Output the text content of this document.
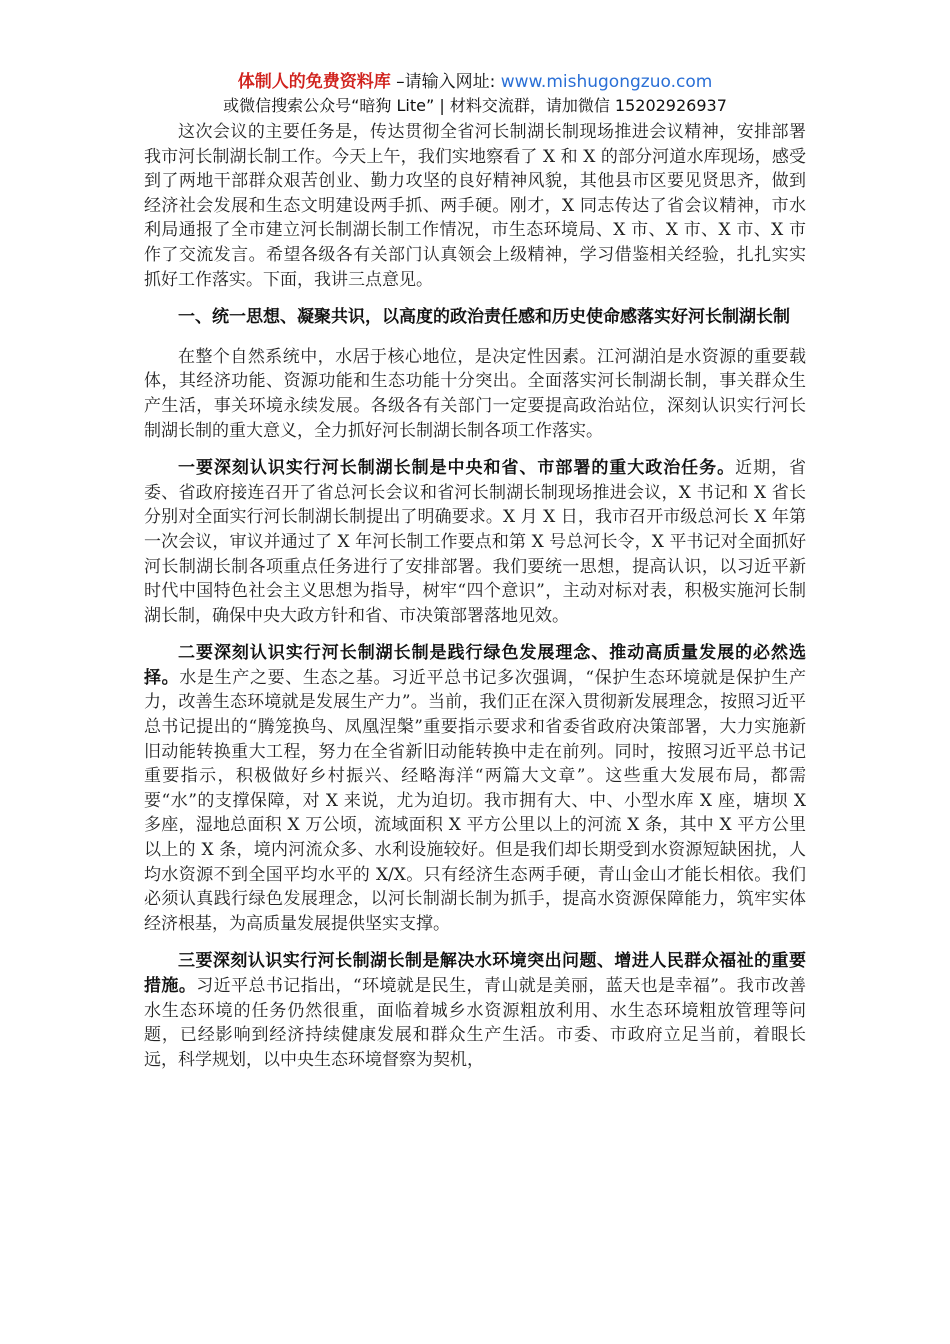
体制人的免费资料库 –请输入网址: www.mishugongzuo.com
或微信搜索公众号“暗狗 Lite” | 材料交流群，请加微信 15202926937

这次会议的主要任务是，传达贯彻全省河长制湖长制现场推进会议精神，安排部署我市河长制湖长制工作。今天上午，我们实地察看了 X 和 X 的部分河道水库现场，感受到了两地干部群众艰苦创业、勤力攻坚的良好精神风貌，其他县市区要见贤思齐，做到经济社会发展和生态文明建设两手抓、两手硬。刚才，X 同志传达了省会议精神，市水利局通报了全市建立河长制湖长制工作情况，市生态环境局、X 市、X 市、X 市、X 市作了交流发言。希望各级各有关部门认真领会上级精神，学习借鉴相关经验，扎扎实实抓好工作落实。下面，我讲三点意见。

一、统一思想、凝聚共识，以高度的政治责任感和历史使命感落实好河长制湖长制

在整个自然系统中，水居于核心地位，是决定性因素。江河湖泊是水资源的重要载体，其经济功能、资源功能和生态功能十分突出。全面落实河长制湖长制，事关群众生产生活，事关环境永续发展。各级各有关部门一定要提高政治站位，深刻认识实行河长制湖长制的重大意义，全力抓好河长制湖长制各项工作落实。

一要深刻认识实行河长制湖长制是中央和省、市部署的重大政治任务。近期，省委、省政府接连召开了省总河长会议和省河长制湖长制现场推进会议，X 书记和 X 省长分别对全面实行河长制湖长制提出了明确要求。X 月 X 日，我市召开市级总河长 X 年第一次会议，审议并通过了 X 年河长制工作要点和第 X 号总河长令，X 平书记对全面抓好河长制湖长制各项重点任务进行了安排部署。我们要统一思想，提高认识，以习近平新时代中国特色社会主义思想为指导，树牢“四个意识”，主动对标对表，积极实施河长制湖长制，确保中央大政方针和省、市决策部署落地见效。

二要深刻认识实行河长制湖长制是践行绿色发展理念、推动高质量发展的必然选择。水是生产之要、生态之基。习近平总书记多次强调，“保护生态环境就是保护生产力，改善生态环境就是发展生产力”。当前，我们正在深入贯彻新发展理念，按照习近平总书记提出的“腾笼换鸟、凤凰涅槃”重要指示要求和省委省政府决策部署，大力实施新旧动能转换重大工程，努力在全省新旧动能转换中走在前列。同时，按照习近平总书记重要指示，积极做好乡村振兴、经略海洋“两篇大文章”。这些重大发展布局，都需要“水”的支撑保障，对 X 来说，尤为迫切。我市拥有大、中、小型水库 X 座，塘坝 X 多座，湿地总面积 X 万公顷，流域面积 X 平方公里以上的河流 X 条，其中 X 平方公里以上的 X 条，境内河流众多、水利设施较好。但是我们却长期受到水资源短缺困扰，人均水资源不到全国平均水平的 X/X。只有经济生态两手硬，青山金山才能长相依。我们必须认真践行绿色发展理念，以河长制湖长制为抓手，提高水资源保障能力，筑牢实体经济根基，为高质量发展提供坚实支撑。

三要深刻认识实行河长制湖长制是解决水环境突出问题、增进人民群众福祉的重要措施。习近平总书记指出，“环境就是民生，青山就是美丽，蓝天也是幸福”。我市改善水生态环境的任务仍然很重，面临着城乡水资源粗放利用、水生态环境粗放管理等问题，已经影响到经济持续健康发展和群众生产生活。市委、市政府立足当前，着眼长远，科学规划，以中央生态环境督察为契机，
